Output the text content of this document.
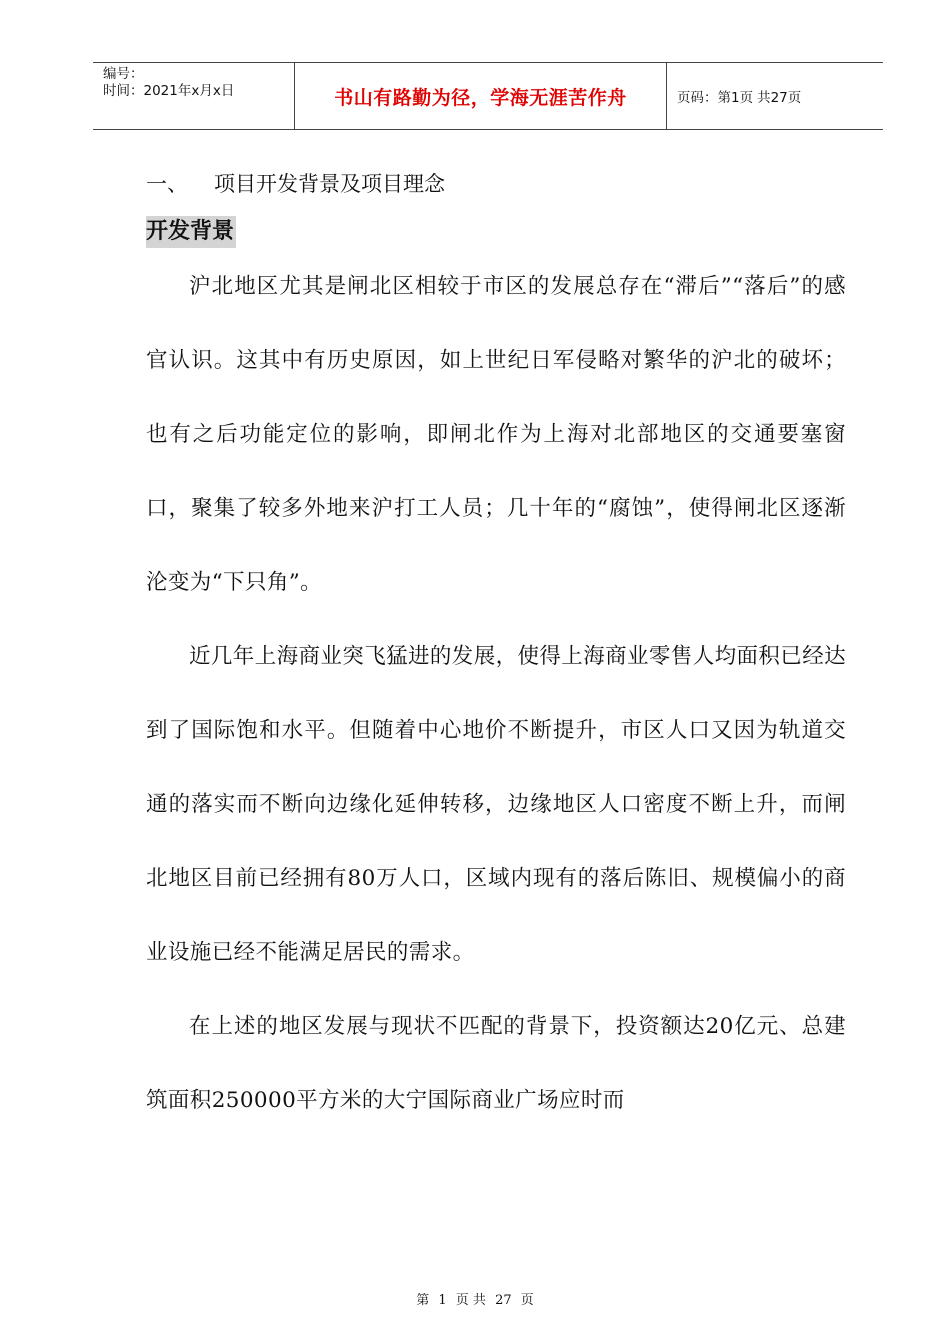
编号：
时间：2021年x月x日	书山有路勤为径，学海无涯苦作舟	页码：第1页 共27页
一、 项目开发背景及项目理念
开发背景

沪北地区尤其是闸北区相较于市区的发展总存在“滞后”“落后”的感官认识。这其中有历史原因，如上世纪日军侵略对繁华的沪北的破坏；也有之后功能定位的影响，即闸北作为上海对北部地区的交通要塞窗口，聚集了较多外地来沪打工人员；几十年的“腐蚀”，使得闸北区逐渐沦变为“下只角”。

近几年上海商业突飞猛进的发展，使得上海商业零售人均面积已经达到了国际饱和水平。但随着中心地价不断提升，市区人口又因为轨道交通的落实而不断向边缘化延伸转移，边缘地区人口密度不断上升，而闸北地区目前已经拥有80万人口，区域内现有的落后陈旧、规模偏小的商业设施已经不能满足居民的需求。

在上述的地区发展与现状不匹配的背景下，投资额达20亿元、总建筑面积250000平方米的大宁国际商业广场应时而

第 1 页 共 27 页
